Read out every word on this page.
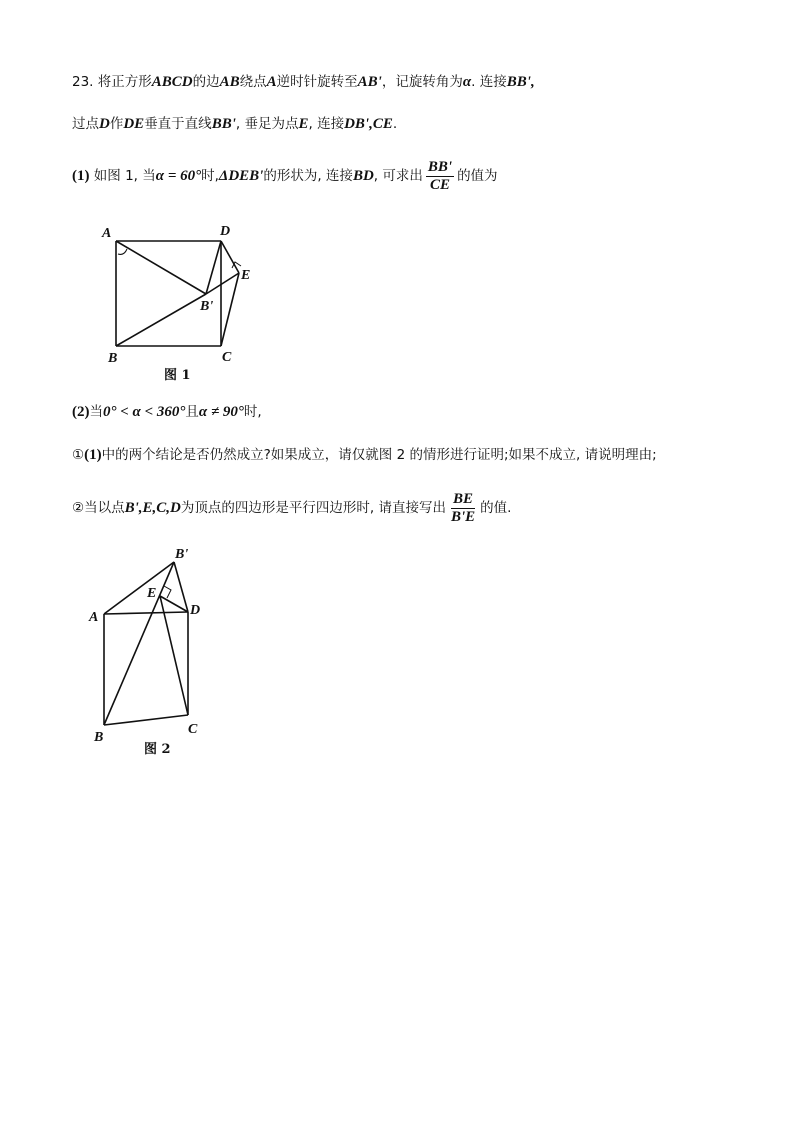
23. 将正方形ABCD的边AB绕点A逆时针旋转至AB'，记旋转角为α. 连接BB',
过点D作DE垂直于直线BB', 垂足为点E, 连接DB',CE.
(1) 如图 1, 当α = 60°时,ΔDEB'的形状为, 连接BD, 可求出 $\frac{BB'}{CE}$ 的值为
A	D
E
B'
B	C
图 1
(2)当0° < α < 360°且α ≠ 90°时,
①(1)中的两个结论是否仍然成立?如果成立，请仅就图 2 的情形进行证明;如果不成立, 请说明理由;
②当以点B',E,C,D为顶点的四边形是平行四边形时, 请直接写出 $\frac{BE}{B'E}$ 的值.
B'
E
D
A
B
C
图 2
